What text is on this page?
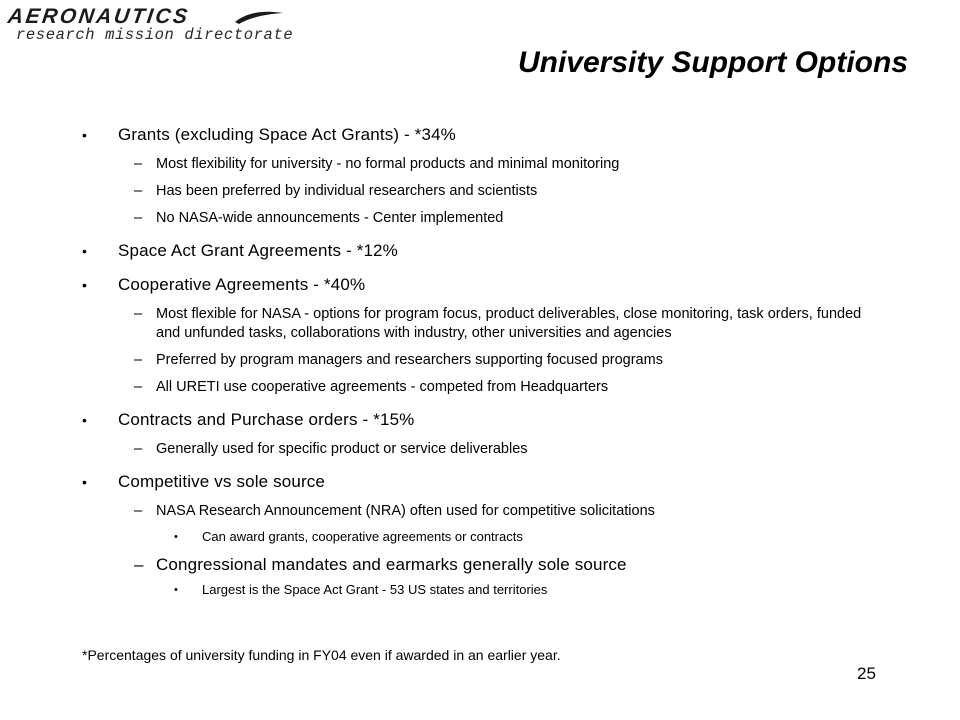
AERONAUTICS
research mission directorate
University Support Options
•	Grants (excluding Space Act Grants) - *34%
– Most flexibility for university - no formal products and minimal monitoring
– Has been preferred by individual researchers and scientists
– No NASA-wide announcements - Center implemented
•	Space Act Grant Agreements - *12%
•	Cooperative Agreements - *40%
– Most flexible for NASA - options for program focus, product deliverables, close monitoring, task orders, funded and unfunded tasks, collaborations with industry, other universities and agencies
– Preferred by program managers and researchers supporting focused programs
– All URETI use cooperative agreements - competed from Headquarters
•	Contracts and Purchase orders - *15%
– Generally used for specific product or service deliverables
•	Competitive vs sole source
– NASA Research Announcement (NRA) often used for competitive solicitations
•	Can award grants, cooperative agreements or contracts
– Congressional mandates and earmarks generally sole source
•	Largest is the Space Act Grant - 53 US states and territories
*Percentages of university funding in FY04 even if awarded in an earlier year.
25
